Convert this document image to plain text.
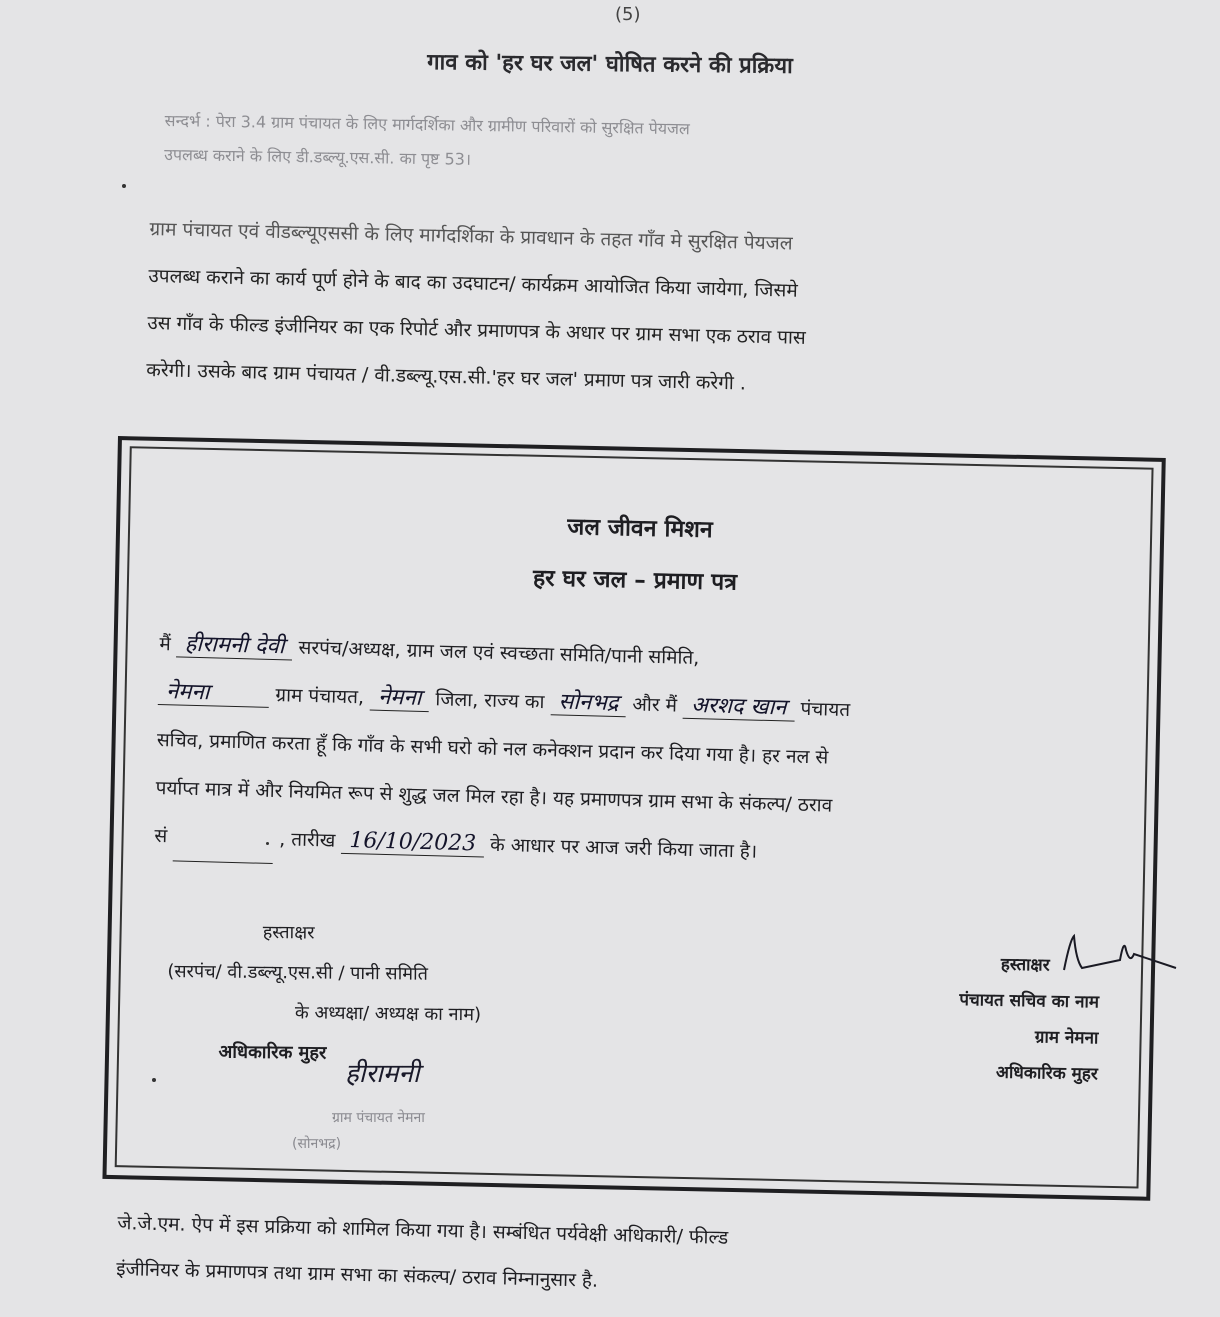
(5)
गाव को 'हर घर जल' घोषित करने की प्रक्रिया
सन्दर्भ : पेरा 3.4 ग्राम पंचायत के लिए मार्गदर्शिका और ग्रामीण परिवारों को सुरक्षित पेयजल
उपलब्ध कराने के लिए डी.डब्ल्यू.एस.सी. का पृष्ट 53।
ग्राम पंचायत एवं वीडब्ल्यूएससी के लिए मार्गदर्शिका के प्रावधान के तहत गाँव मे सुरक्षित पेयजल
उपलब्ध कराने का कार्य पूर्ण होने के बाद का उदघाटन/ कार्यक्रम आयोजित किया जायेगा, जिसमे
उस गाँव के फील्ड इंजीनियर का एक रिपोर्ट और प्रमाणपत्र के अधार पर ग्राम सभा एक ठराव पास
करेगी। उसके बाद ग्राम पंचायत / वी.डब्ल्यू.एस.सी.'हर घर जल' प्रमाण पत्र जारी करेगी .
जल जीवन मिशन
हर घर जल – प्रमाण पत्र
मैं हीरामनी देवी सरपंच/अध्यक्ष, ग्राम जल एवं स्वच्छता समिति/पानी समिति,
नेमना	ग्राम पंचायत, नेमना जिला, राज्य का सोनभद्र और मैं अरशद खान पंचायत
सचिव, प्रमाणित करता हूँ कि गाँव के सभी घरो को नल कनेक्शन प्रदान कर दिया गया है। हर नल से
पर्याप्त मात्र में और नियमित रूप से शुद्ध जल मिल रहा है। यह प्रमाणपत्र ग्राम सभा के संकल्प/ ठराव
सं	, तारीख 16/10/2023 के आधार पर आज जरी किया जाता है।
हस्ताक्षर
(सरपंच/ वी.डब्ल्यू.एस.सी / पानी समिति
के अध्यक्षा/ अध्यक्ष का नाम)
अधिकारिक मुहर
हीरामनी
ग्राम पंचायत नेमना
(सोनभद्र)
हस्ताक्षर
पंचायत सचिव का नाम
ग्राम नेमना
अधिकारिक मुहर
जे.जे.एम. ऐप में इस प्रक्रिया को शामिल किया गया है। सम्बंधित पर्यवेक्षी अधिकारी/ फील्ड
इंजीनियर के प्रमाणपत्र तथा ग्राम सभा का संकल्प/ ठराव निम्नानुसार है.
